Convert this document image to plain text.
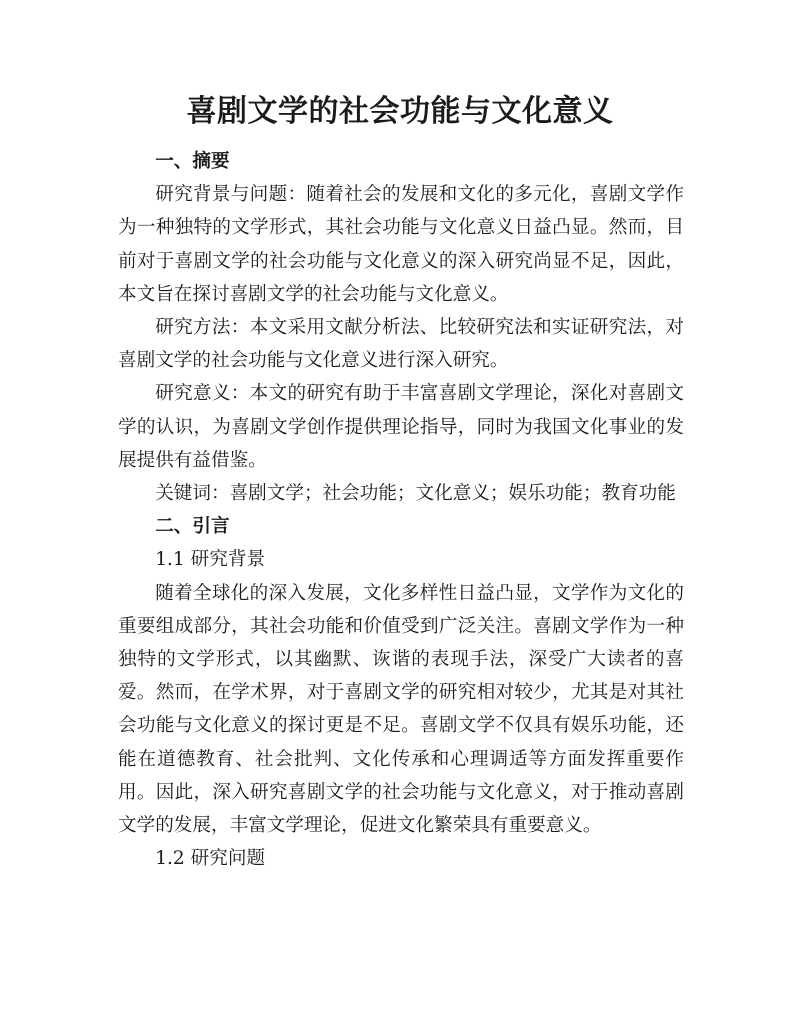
喜剧文学的社会功能与文化意义

一、摘要

研究背景与问题：随着社会的发展和文化的多元化，喜剧文学作为一种独特的文学形式，其社会功能与文化意义日益凸显。然而，目前对于喜剧文学的社会功能与文化意义的深入研究尚显不足，因此，本文旨在探讨喜剧文学的社会功能与文化意义。

研究方法：本文采用文献分析法、比较研究法和实证研究法，对喜剧文学的社会功能与文化意义进行深入研究。

研究意义：本文的研究有助于丰富喜剧文学理论，深化对喜剧文学的认识，为喜剧文学创作提供理论指导，同时为我国文化事业的发展提供有益借鉴。

关键词：喜剧文学；社会功能；文化意义；娱乐功能；教育功能

二、引言

1.1 研究背景

随着全球化的深入发展，文化多样性日益凸显，文学作为文化的重要组成部分，其社会功能和价值受到广泛关注。喜剧文学作为一种独特的文学形式，以其幽默、诙谐的表现手法，深受广大读者的喜爱。然而，在学术界，对于喜剧文学的研究相对较少，尤其是对其社会功能与文化意义的探讨更是不足。喜剧文学不仅具有娱乐功能，还能在道德教育、社会批判、文化传承和心理调适等方面发挥重要作用。因此，深入研究喜剧文学的社会功能与文化意义，对于推动喜剧文学的发展，丰富文学理论，促进文化繁荣具有重要意义。

1.2 研究问题
